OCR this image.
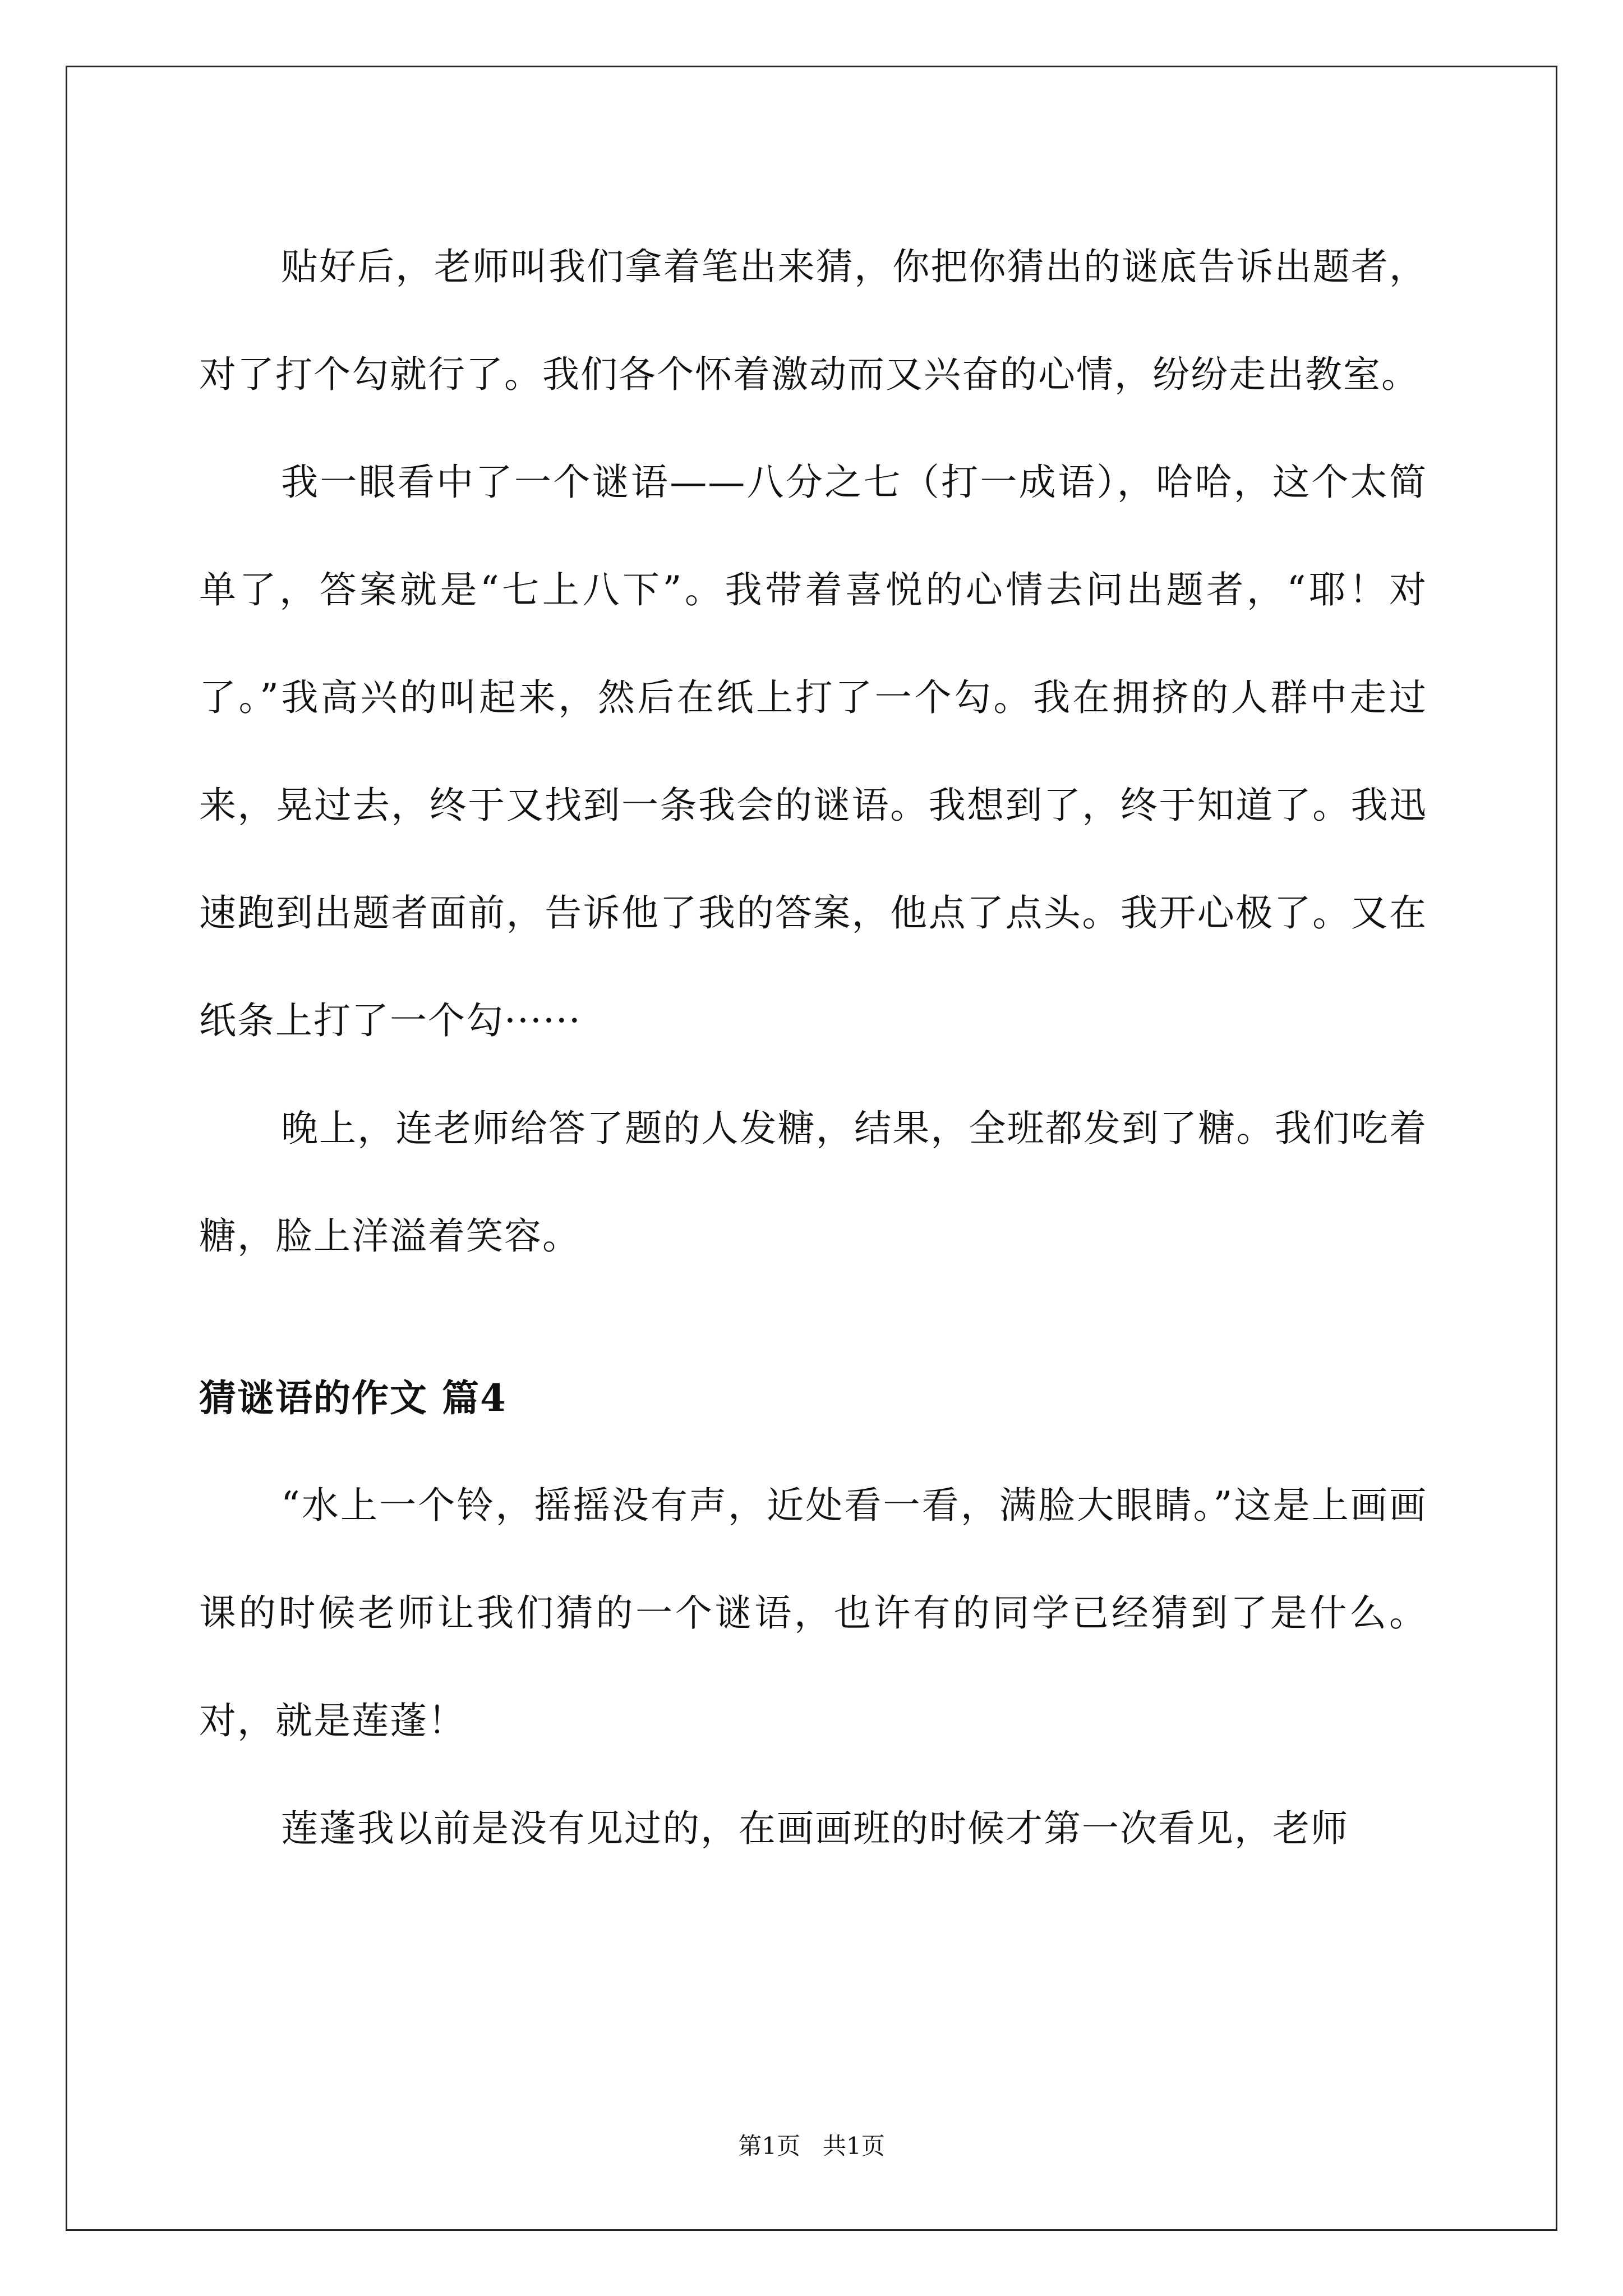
贴好后，老师叫我们拿着笔出来猜，你把你猜出的谜底告诉出题者，对了打个勾就行了。我们各个怀着激动而又兴奋的心情，纷纷走出教室。

我一眼看中了一个谜语——八分之七（打一成语），哈哈，这个太简单了，答案就是“七上八下”。我带着喜悦的心情去问出题者，“耶！对了。”我高兴的叫起来，然后在纸上打了一个勾。我在拥挤的人群中走过来，晃过去，终于又找到一条我会的谜语。我想到了，终于知道了。我迅速跑到出题者面前，告诉他了我的答案，他点了点头。我开心极了。又在纸条上打了一个勾······

晚上，连老师给答了题的人发糖，结果，全班都发到了糖。我们吃着糖，脸上洋溢着笑容。

猜谜语的作文 篇4

“水上一个铃，摇摇没有声，近处看一看，满脸大眼睛。”这是上画画课的时候老师让我们猜的一个谜语，也许有的同学已经猜到了是什么。对，就是莲蓬！

莲蓬我以前是没有见过的，在画画班的时候才第一次看见，老师

第1页   共1页
